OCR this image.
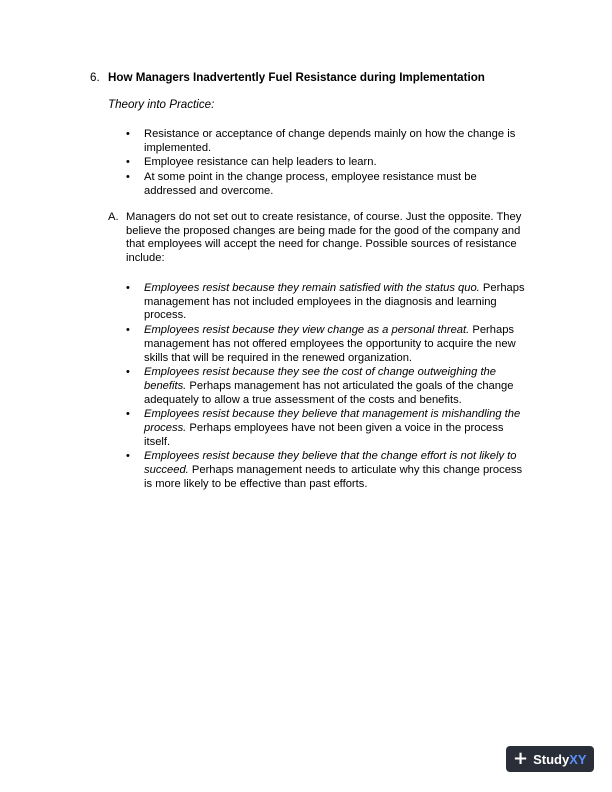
6. How Managers Inadvertently Fuel Resistance during Implementation
Theory into Practice:
• Resistance or acceptance of change depends mainly on how the change is implemented.
• Employee resistance can help leaders to learn.
• At some point in the change process, employee resistance must be addressed and overcome.
A. Managers do not set out to create resistance, of course. Just the opposite. They believe the proposed changes are being made for the good of the company and that employees will accept the need for change. Possible sources of resistance include:
• Employees resist because they remain satisfied with the status quo. Perhaps management has not included employees in the diagnosis and learning process.
• Employees resist because they view change as a personal threat. Perhaps management has not offered employees the opportunity to acquire the new skills that will be required in the renewed organization.
• Employees resist because they see the cost of change outweighing the benefits. Perhaps management has not articulated the goals of the change adequately to allow a true assessment of the costs and benefits.
• Employees resist because they believe that management is mishandling the process. Perhaps employees have not been given a voice in the process itself.
• Employees resist because they believe that the change effort is not likely to succeed. Perhaps management needs to articulate why this change process is more likely to be effective than past efforts.
+ StudyXY
